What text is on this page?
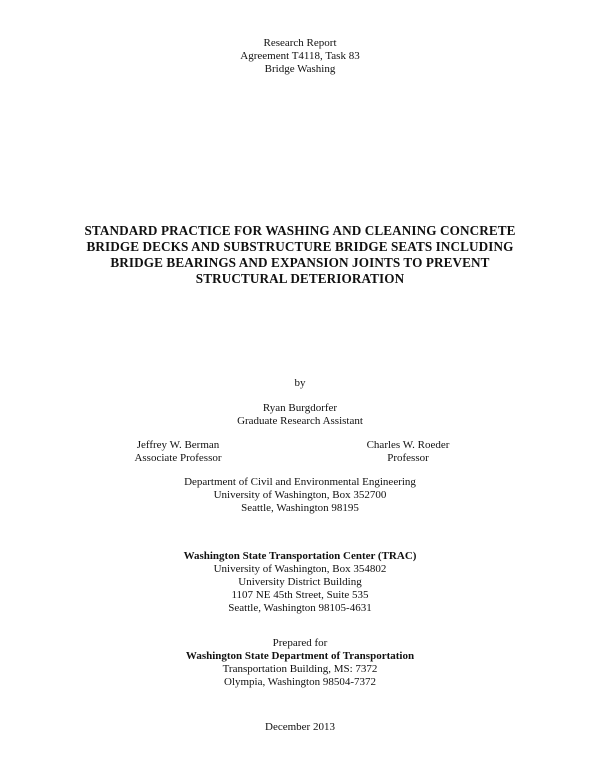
Research Report
Agreement T4118, Task 83
Bridge Washing
STANDARD PRACTICE FOR WASHING AND CLEANING CONCRETE
BRIDGE DECKS AND SUBSTRUCTURE BRIDGE SEATS INCLUDING
BRIDGE BEARINGS AND EXPANSION JOINTS TO PREVENT
STRUCTURAL DETERIORATION
by
Ryan Burgdorfer
Graduate Research Assistant
Jeffrey W. Berman
Associate Professor
Charles W. Roeder
Professor
Department of Civil and Environmental Engineering
University of Washington, Box 352700
Seattle, Washington 98195
Washington State Transportation Center (TRAC)
University of Washington, Box 354802
University District Building
1107 NE 45th Street, Suite 535
Seattle, Washington 98105-4631
Prepared for
Washington State Department of Transportation
Transportation Building, MS: 7372
Olympia, Washington 98504-7372
December 2013
